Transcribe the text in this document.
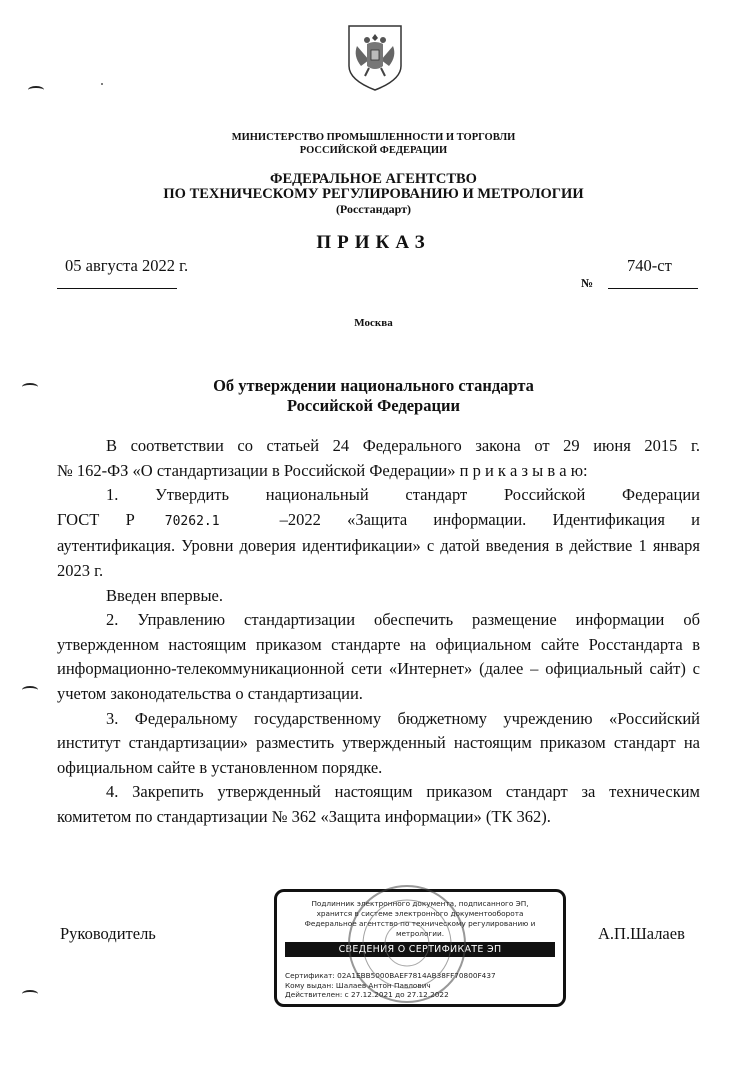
МИНИСТЕРСТВО ПРОМЫШЛЕННОСТИ И ТОРГОВЛИ
РОССИЙСКОЙ ФЕДЕРАЦИИ
ФЕДЕРАЛЬНОЕ АГЕНТСТВО
ПО ТЕХНИЧЕСКОМУ РЕГУЛИРОВАНИЮ И МЕТРОЛОГИИ
(Росстандарт)
ПРИКАЗ
05 августа 2022 г.	740-ст
№
Москва
Об утверждении национального стандарта
Российской Федерации

В соответствии со статьей 24 Федерального закона от 29 июня 2015 г.

№ 162-ФЗ «О стандартизации в Российской Федерации» п р и к а з ы в а ю:

1. Утвердить национальный стандарт Российской Федерации

ГОСТ Р 70262.1	–2022 «Защита информации. Идентификация и аутентификация. Уровни доверия идентификации» с датой введения в действие 1 января 2023 г.

Введен впервые.

2. Управлению стандартизации обеспечить размещение информации об утвержденном настоящим приказом стандарте на официальном сайте Росстандарта в информационно-телекоммуникационной сети «Интернет» (далее – официальный сайт) с учетом законодательства о стандартизации.

3. Федеральному государственному бюджетному учреждению «Российский институт стандартизации» разместить утвержденный настоящим приказом стандарт на официальном сайте в установленном порядке.

4. Закрепить утвержденный настоящим приказом стандарт за техническим комитетом по стандартизации № 362 «Защита информации» (ТК 362).

Руководитель	А.П.Шалаев
Подлинник электронного документа, подписанного ЭП,
хранится в системе электронного документооборота
Федеральное агентство по техническому регулированию и
метрологии.
СВЕДЕНИЯ О СЕРТИФИКАТЕ ЭП
Сертификат: 02A1EBB5000BAEF7814AB38FF70800F437
Кому выдан: Шалаев Антон Павлович
Действителен: с 27.12.2021 до 27.12.2022
